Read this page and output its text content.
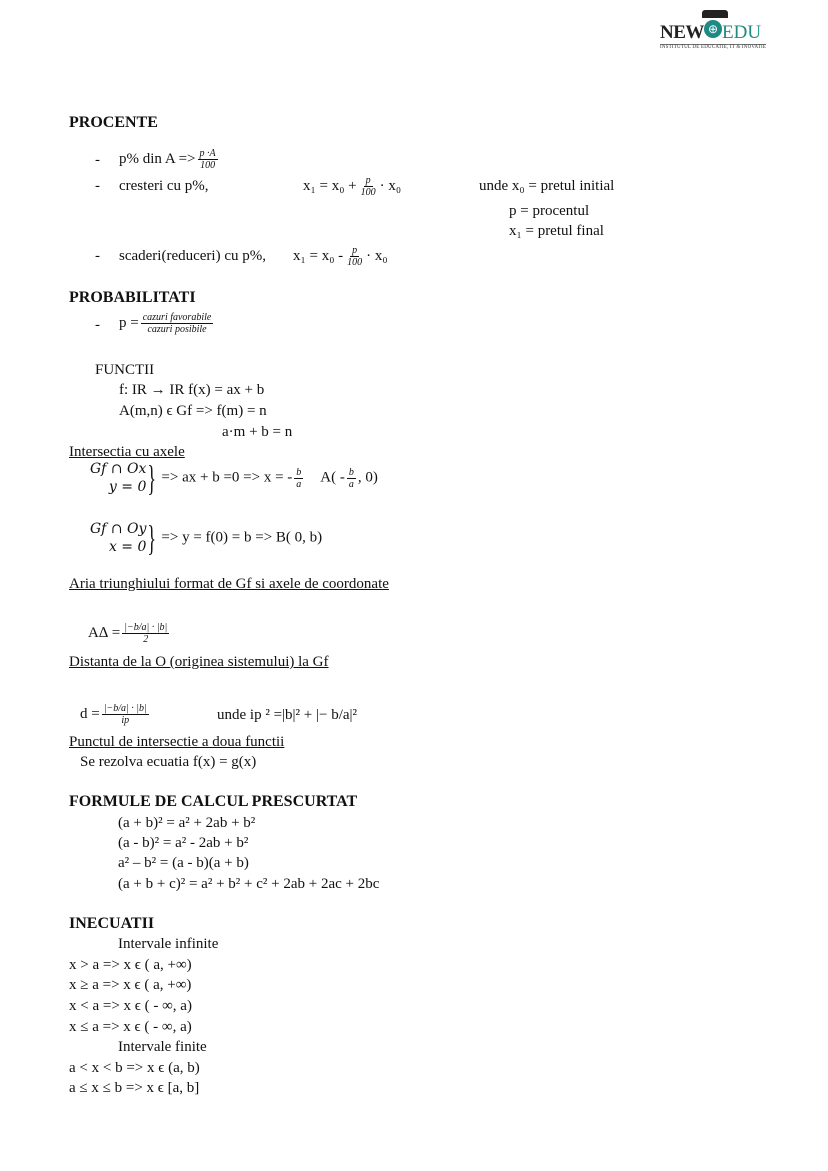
NEW ⊕ EDU
INSTITUTUL DE EDUCATIE, IT & INOVATIE
PROCENTE
- p% din $A => \frac{p \cdot A}{100}$
- cresteri cu p%,	$x_1 = x_0 + \frac{p}{100} \cdot x_0$	unde x₀ = pretul initial
p = procentul
x₁ = pretul final
- scaderi(reduceri) cu p%, $x_1 = x_0 - \frac{p}{100} \cdot x_0$
PROBABILITATI
- $p = \frac{\text{cazuri favorabile}}{\text{cazuri posibile}}$
FUNCTII
f: IR → IR f(x) = ax + b
A(m,n) ϵ Gf => f(m) = n
a·m + b = n
Intersectia cu axele
Gf ∩ Ox
y = 0 } => ax + b =0 => x = - $\frac{b}{a} A( - \frac{b}{a}$ , 0)
Gf ∩ Oy
x = 0 } => y = f(0) = b => B( 0, b)
Aria triunghiului format de Gf si axele de coordonate
$A\Delta = \frac{|-b/a| \cdot |b|}{2}$
Distanta de la O (originea sistemului) la Gf
$d = \frac{|-b/a| \cdot |b|}{ip}$	unde ip ² =|b|² + |− b/a|²
Punctul de intersectie a doua functii
Se rezolva ecuatia f(x) = g(x)
FORMULE DE CALCUL PRESCURTAT
(a + b)² = a² + 2ab + b²
(a - b)² = a² - 2ab + b²
a² – b² = (a - b)(a + b)
(a + b + c)² = a² + b² + c² + 2ab + 2ac + 2bc
INECUATII
Intervale infinite
x > a => x ϵ ( a, +∞)
x ≥ a => x ϵ ( a, +∞)
x < a => x ϵ ( - ∞, a)
x ≤ a => x ϵ ( - ∞, a)
Intervale finite
a < x < b => x ϵ (a, b)
a ≤ x ≤ b => x ϵ [a, b]
